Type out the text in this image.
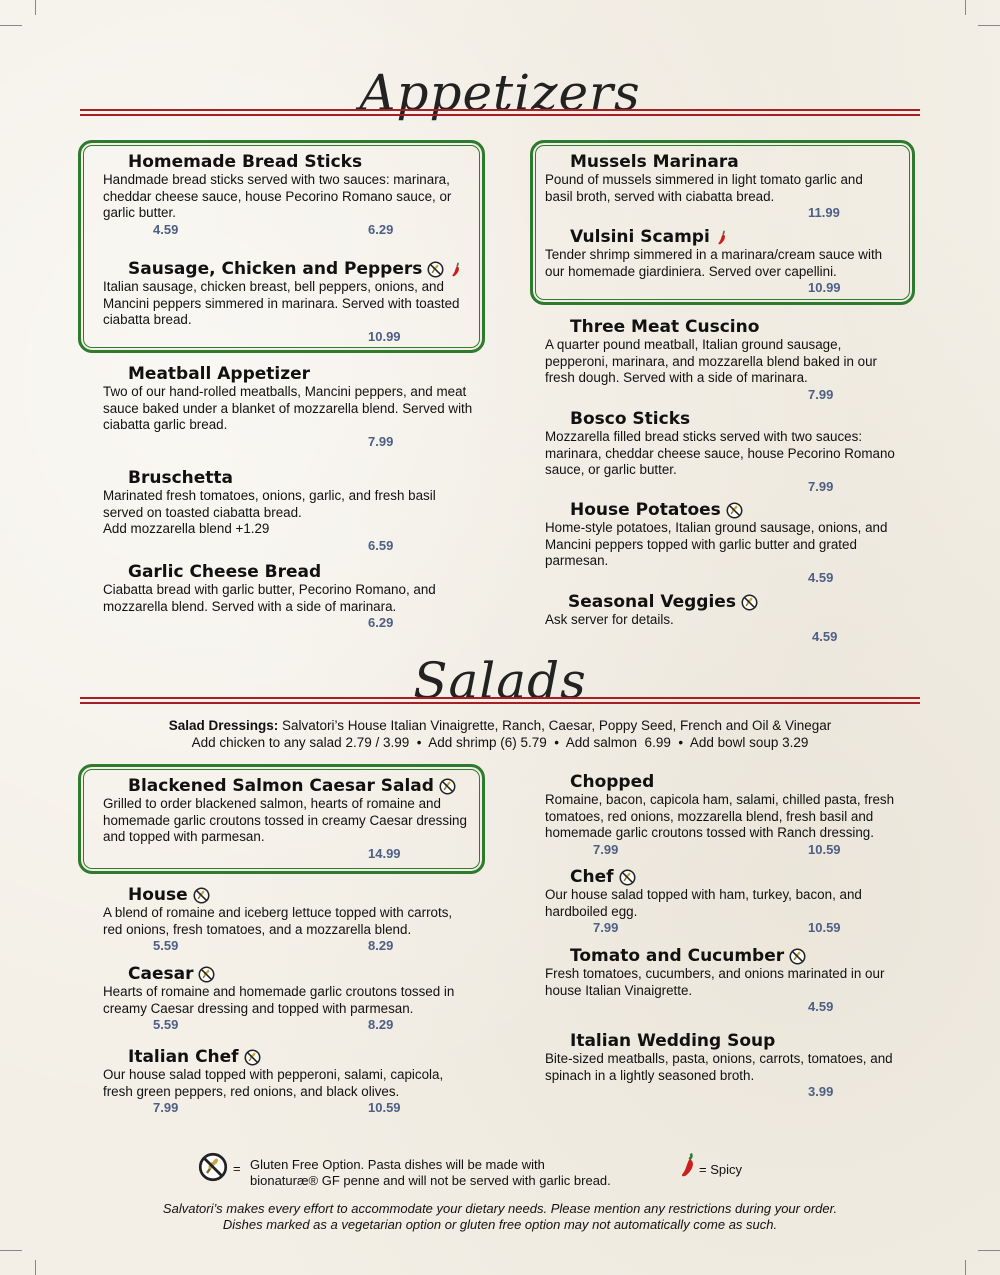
Appetizers
Homemade Bread Sticks

Handmade bread sticks served with two sauces: marinara, cheddar cheese sauce, house Pecorino Romano sauce, or garlic butter.

4.59	6.29
Sausage, Chicken and Peppers

Italian sausage, chicken breast, bell peppers, onions, and Mancini peppers simmered in marinara. Served with toasted ciabatta bread.

10.99
Meatball Appetizer

Two of our hand-rolled meatballs, Mancini peppers, and meat sauce baked under a blanket of mozzarella blend. Served with ciabatta garlic bread.

7.99
Bruschetta

Marinated fresh tomatoes, onions, garlic, and fresh basil served on toasted ciabatta bread.

Add mozzarella blend +1.29

6.59
Garlic Cheese Bread

Ciabatta bread with garlic butter, Pecorino Romano, and mozzarella blend. Served with a side of marinara.

6.29
Mussels Marinara

Pound of mussels simmered in light tomato garlic and basil broth, served with ciabatta bread.

11.99
Vulsini Scampi

Tender shrimp simmered in a marinara/cream sauce with our homemade giardiniera. Served over capellini.

10.99
Three Meat Cuscino

A quarter pound meatball, Italian ground sausage, pepperoni, marinara, and mozzarella blend baked in our fresh dough. Served with a side of marinara.

7.99
Bosco Sticks

Mozzarella filled bread sticks served with two sauces: marinara, cheddar cheese sauce, house Pecorino Romano sauce, or garlic butter.

7.99
House Potatoes

Home-style potatoes, Italian ground sausage, onions, and Mancini peppers topped with garlic butter and grated parmesan.

4.59
Seasonal Veggies

Ask server for details.

4.59
Salads
Salad Dressings: Salvatori’s House Italian Vinaigrette, Ranch, Caesar, Poppy Seed, French and Oil & Vinegar
Add chicken to any salad 2.79 / 3.99  •  Add shrimp (6) 5.79  •  Add salmon  6.99  •  Add bowl soup 3.29
Blackened Salmon Caesar Salad

Grilled to order blackened salmon, hearts of romaine and homemade garlic croutons tossed in creamy Caesar dressing and topped with parmesan.

14.99
House

A blend of romaine and iceberg lettuce topped with carrots, red onions, fresh tomatoes, and a mozzarella blend.

5.59	8.29
Caesar

Hearts of romaine and homemade garlic croutons tossed in creamy Caesar dressing and topped with parmesan.

5.59	8.29
Italian Chef

Our house salad topped with pepperoni, salami, capicola, fresh green peppers, red onions, and black olives.

7.99	10.59
Chopped

Romaine, bacon, capicola ham, salami, chilled pasta, fresh tomatoes, red onions, mozzarella blend, fresh basil and homemade garlic croutons tossed with Ranch dressing.

7.99	10.59
Chef

Our house salad topped with ham, turkey, bacon, and hardboiled egg.

7.99	10.59
Tomato and Cucumber

Fresh tomatoes, cucumbers, and onions marinated in our house Italian Vinaigrette.

4.59
Italian Wedding Soup

Bite-sized meatballs, pasta, onions, carrots, tomatoes, and spinach in a lightly seasoned broth.

3.99
= Gluten Free Option. Pasta dishes will be made with
bionaturæ® GF penne and will not be served with garlic bread.
= Spicy
Salvatori’s makes every effort to accommodate your dietary needs. Please mention any restrictions during your order.
Dishes marked as a vegetarian option or gluten free option may not automatically come as such.
